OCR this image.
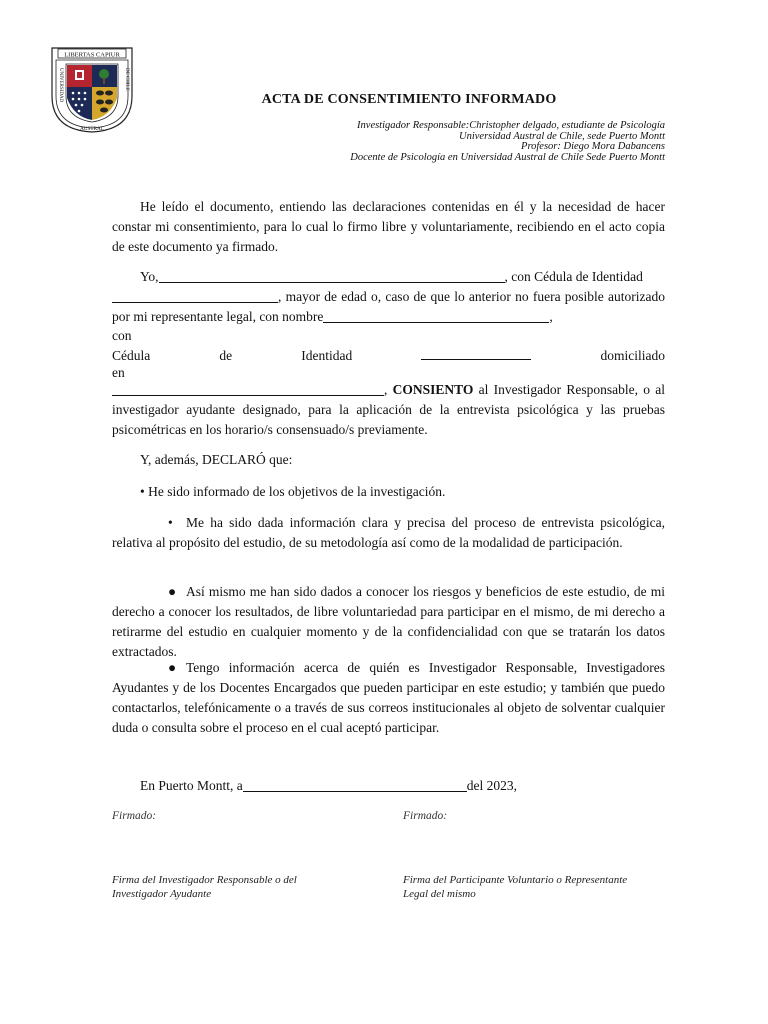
LIBERTAS CAPIUR
UNIVERSIDAD
AUSTRAL
DE CHILE
ACTA DE CONSENTIMIENTO INFORMADO
Investigador Responsable:Christopher delgado, estudiante de Psicología
Universidad Austral de Chile, sede Puerto Montt
Profesor: Diego Mora Dabancens
Docente de Psicología en Universidad Austral de Chile Sede Puerto Montt

He leído el documento, entiendo las declaraciones contenidas en él y la necesidad de hacer constar mi consentimiento, para lo cual lo firmo libre y voluntariamente, recibiendo en el acto copia de este documento ya firmado.

Yo,	, con Cédula de Identidad

, mayor de edad o, caso de que lo anterior no fuera posible autorizado por mi representante legal, con nombre	,

con

Cédula	de	Identidad	domiciliado

en

, CONSIENTO al Investigador Responsable, o al investigador ayudante designado, para la aplicación de la entrevista psicológica y las pruebas psicométricas en los horario/s consensuado/s previamente.

Y, además, DECLARÓ que:

• He sido informado de los objetivos de la investigación.

• Me ha sido dada información clara y precisa del proceso de entrevista psicológica, relativa al propósito del estudio, de su metodología así como de la modalidad de participación.

● Así mismo me han sido dados a conocer los riesgos y beneficios de este estudio, de mi derecho a conocer los resultados, de libre voluntariedad para participar en el mismo, de mi derecho a retirarme del estudio en cualquier momento y de la confidencialidad con que se tratarán los datos extractados.

● Tengo información acerca de quién es Investigador Responsable, Investigadores Ayudantes y de los Docentes Encargados que pueden participar en este estudio; y también que puedo contactarlos, telefónicamente o a través de sus correos institucionales al objeto de solventar cualquier duda o consulta sobre el proceso en el cual aceptó participar.

En Puerto Montt, a	del 2023,

Firmado:	Firmado:
Firma del Investigador Responsable o del
Investigador Ayudante
Firma del Participante Voluntario o Representante
Legal del mismo
